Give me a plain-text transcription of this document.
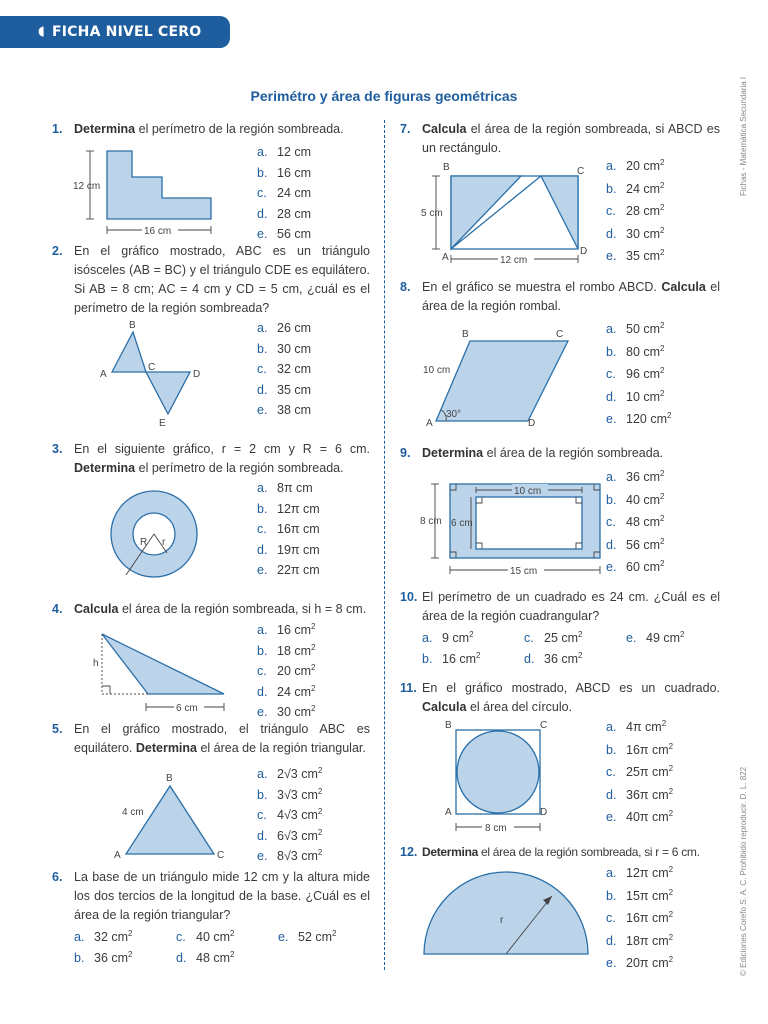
◖ FICHA NIVEL CERO
Fichas - Matemática Secundaria I
© Ediciones Corefo S. A. C. Prohibido reproducir. D. L. 822
Perimétro y área de figuras geométricas
1. Determina el perímetro de la región sombreada.
12 cm
16 cm
a. 12 cm
b. 16 cm
c. 24 cm
d. 28 cm
e. 56 cm
2. En el gráfico mostrado, ABC es un triángulo isósceles (AB = BC) y el triángulo CDE es equilátero. Si AB = 8 cm; AC = 4 cm y CD = 5 cm, ¿cuál es el perímetro de la región sombreada?
B
A
C
D
E
a. 26 cm
b. 30 cm
c. 32 cm
d. 35 cm
e. 38 cm
3. En el siguiente gráfico, r = 2 cm y R = 6 cm. Determina el perímetro de la región sombreada.
R r
a. 8π cm
b. 12π cm
c. 16π cm
d. 19π cm
e. 22π cm
4. Calcula el área de la región sombreada, si h = 8 cm.
h
6 cm
a. 16 $cm^2$
b. 18 $cm^2$
c. 20 $cm^2$
d. 24 $cm^2$
e. 30 $cm^2$
5. En el gráfico mostrado, el triángulo ABC es equilátero. Determina el área de la región triangular.
B
4 cm
A	C
a. 2√3 $cm^2$
b. 3√3 $cm^2$
c. 4√3 $cm^2$
d. 6√3 $cm^2$
e. 8√3 $cm^2$
6. La base de un triángulo mide 12 cm y la altura mide los dos tercios de la longitud de la base. ¿Cuál es el área de la región triangular?
a. 32 $cm^2$	c. 40 $cm^2$	e. 52 $cm^2$
b. 36 $cm^2$	d. 48 $cm^2$
7. Calcula el área de la región sombreada, si ABCD es un rectángulo.
B	C
5 cm
A
D
12 cm
a. 20 $cm^2$
b. 24 $cm^2$
c. 28 $cm^2$
d. 30 $cm^2$
e. 35 $cm^2$
8. En el gráfico se muestra el rombo ABCD. Calcula el área de la región rombal.
B	C
10 cm
A
30°
D
a. 50 $cm^2$
b. 80 $cm^2$
c. 96 $cm^2$
d. 10 $cm^2$
e. 120 $cm^2$
9. Determina el área de la región sombreada.
10 cm
8 cm 6 cm
15 cm
a. 36 $cm^2$
b. 40 $cm^2$
c. 48 $cm^2$
d. 56 $cm^2$
e. 60 $cm^2$
10. El perímetro de un cuadrado es 24 cm. ¿Cuál es el área de la región cuadrangular?
a. 9 $cm^2$	c. 25 $cm^2$	e. 49 $cm^2$
b. 16 $cm^2$	d. 36 $cm^2$
11. En el gráfico mostrado, ABCD es un cuadrado. Calcula el área del círculo.
B	C
A	D
8 cm
a. 4π $cm^2$
b. 16π $cm^2$
c. 25π $cm^2$
d. 36π $cm^2$
e. 40π $cm^2$
12. Determina el área de la región sombreada, si r = 6 cm.
r
a. 12π $cm^2$
b. 15π $cm^2$
c. 16π $cm^2$
d. 18π $cm^2$
e. 20π $cm^2$
